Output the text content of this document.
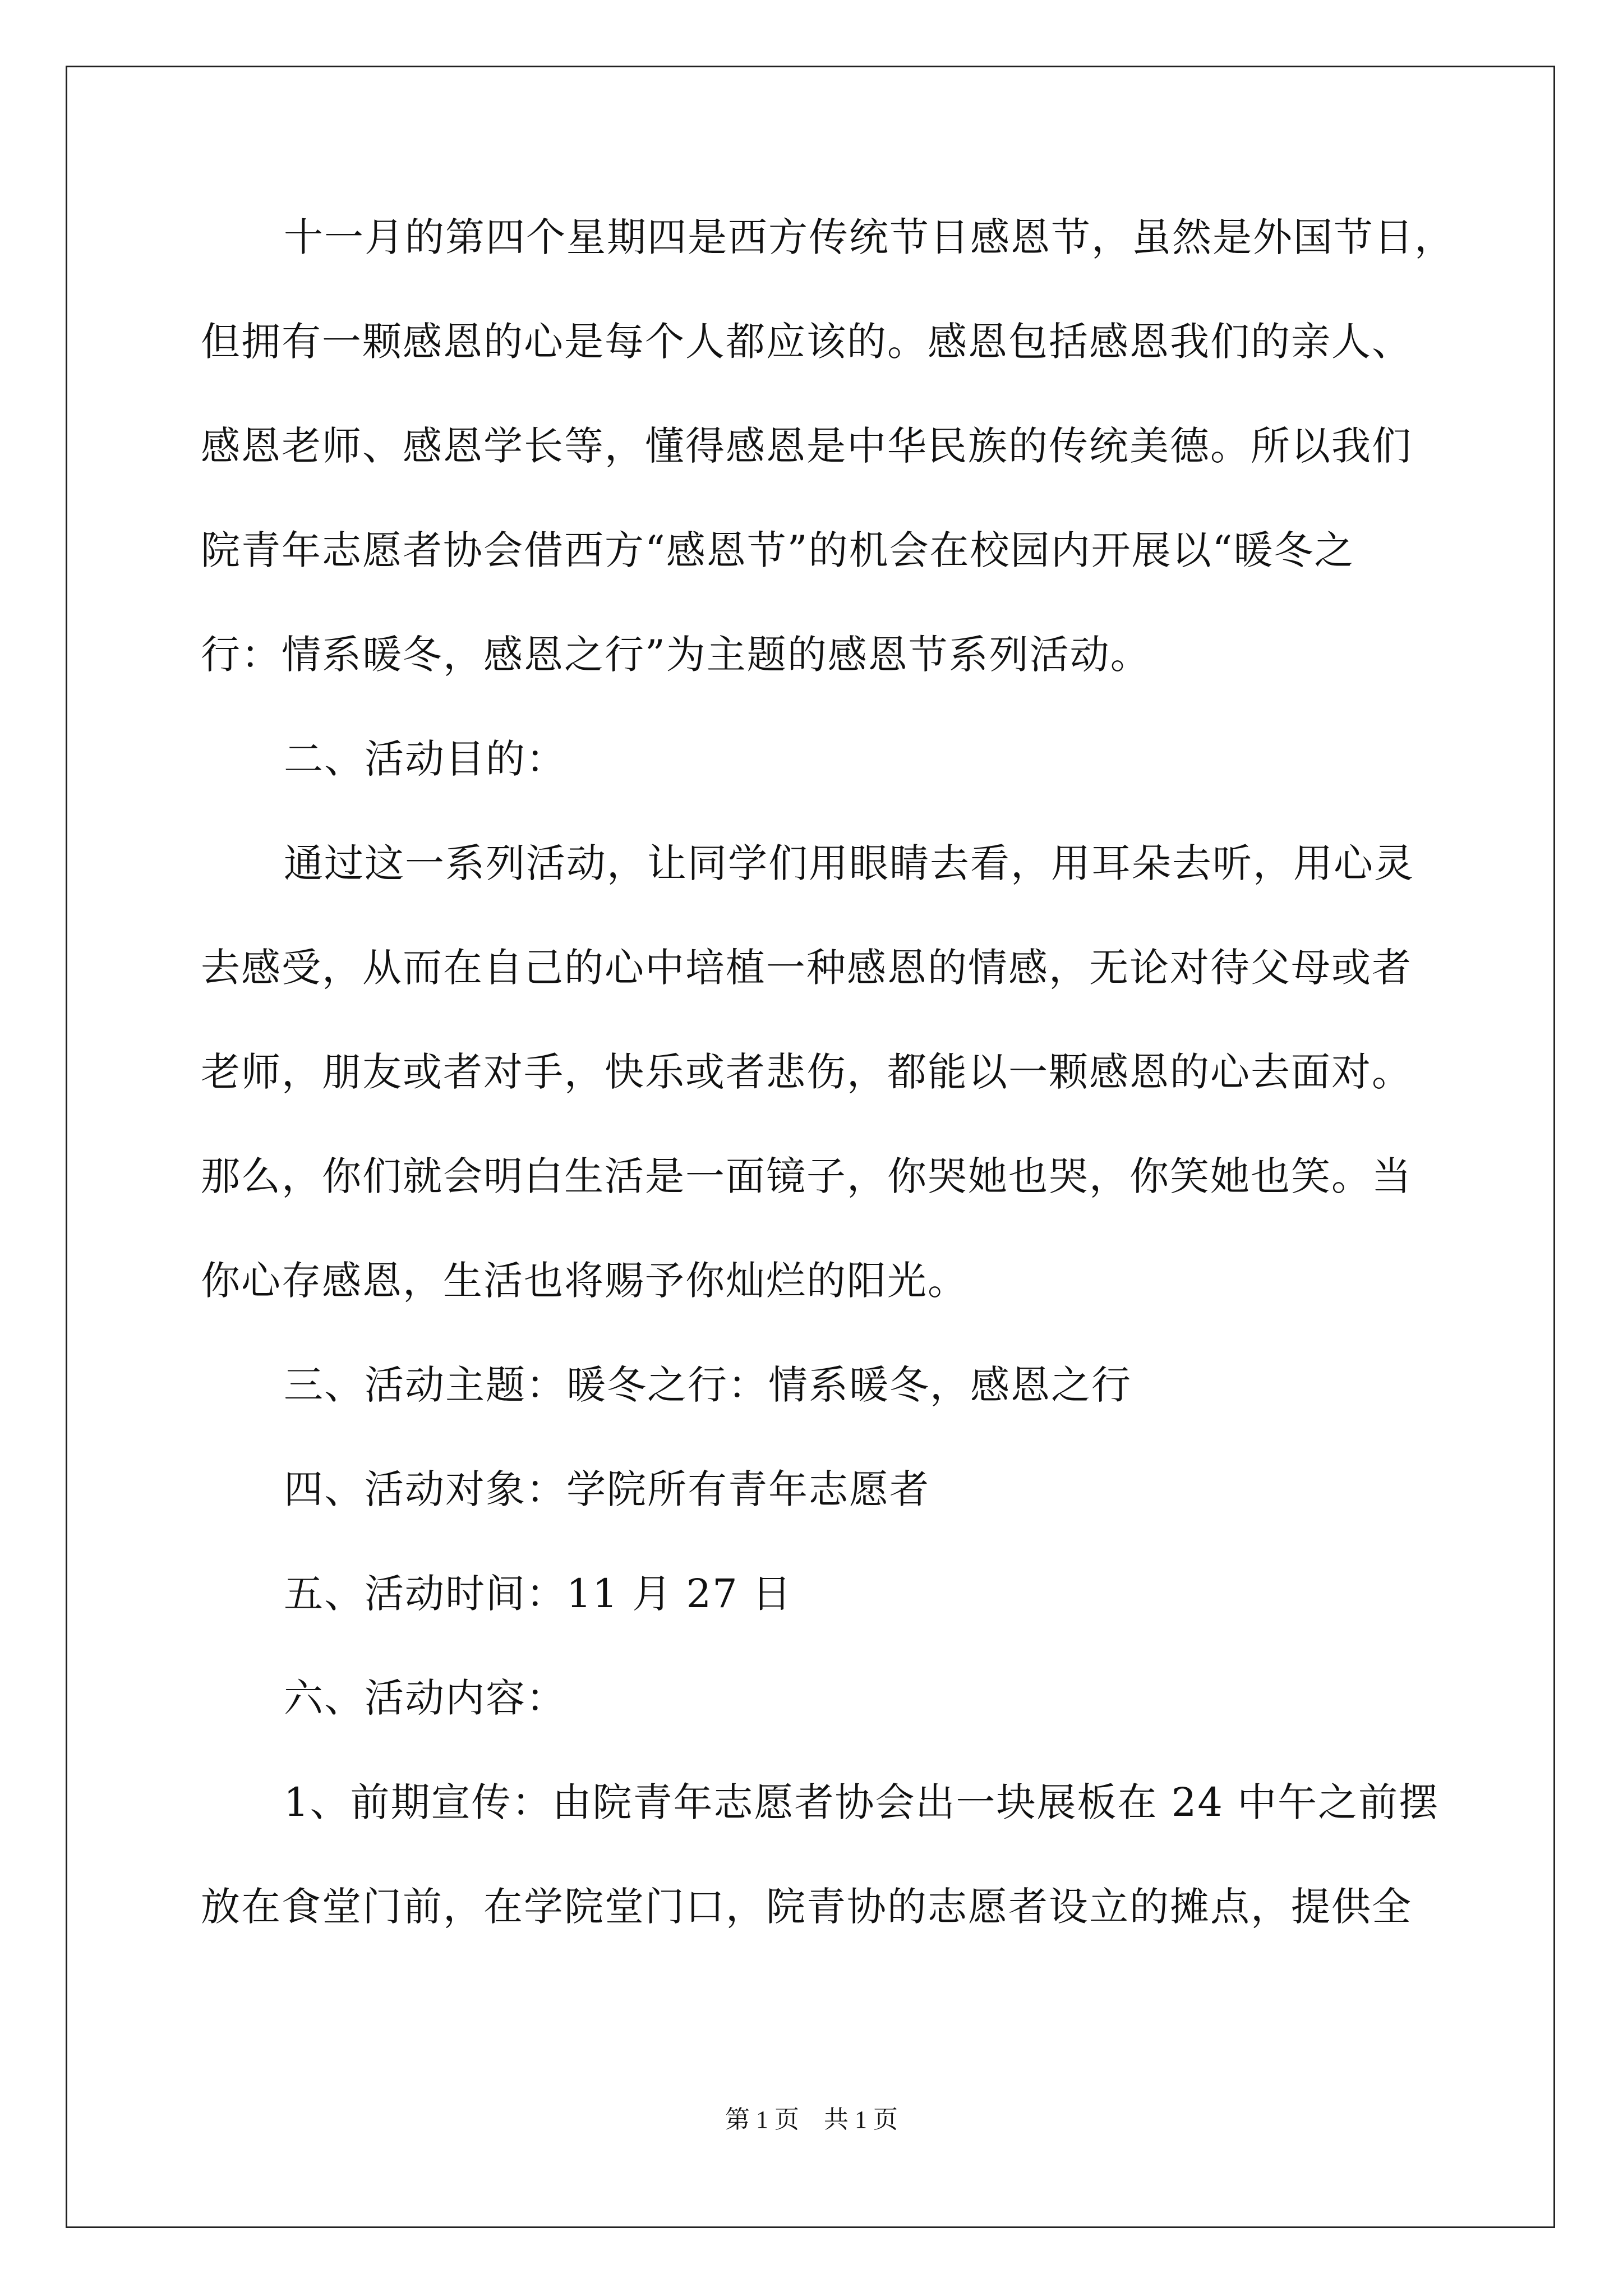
十一月的第四个星期四是西方传统节日感恩节，虽然是外国节日，
但拥有一颗感恩的心是每个人都应该的。感恩包括感恩我们的亲人、
感恩老师、感恩学长等，懂得感恩是中华民族的传统美德。所以我们
院青年志愿者协会借西方“感恩节”的机会在校园内开展以“暖冬之
行：情系暖冬，感恩之行”为主题的感恩节系列活动。
二、活动目的：
通过这一系列活动，让同学们用眼睛去看，用耳朵去听，用心灵
去感受，从而在自己的心中培植一种感恩的情感，无论对待父母或者
老师，朋友或者对手，快乐或者悲伤，都能以一颗感恩的心去面对。
那么，你们就会明白生活是一面镜子，你哭她也哭，你笑她也笑。当
你心存感恩，生活也将赐予你灿烂的阳光。
三、活动主题：暖冬之行：情系暖冬，感恩之行
四、活动对象：学院所有青年志愿者
五、活动时间：11 月 27 日
六、活动内容：
1、前期宣传：由院青年志愿者协会出一块展板在 24 中午之前摆
放在食堂门前，在学院堂门口，院青协的志愿者设立的摊点，提供全
第 1 页　共 1 页
